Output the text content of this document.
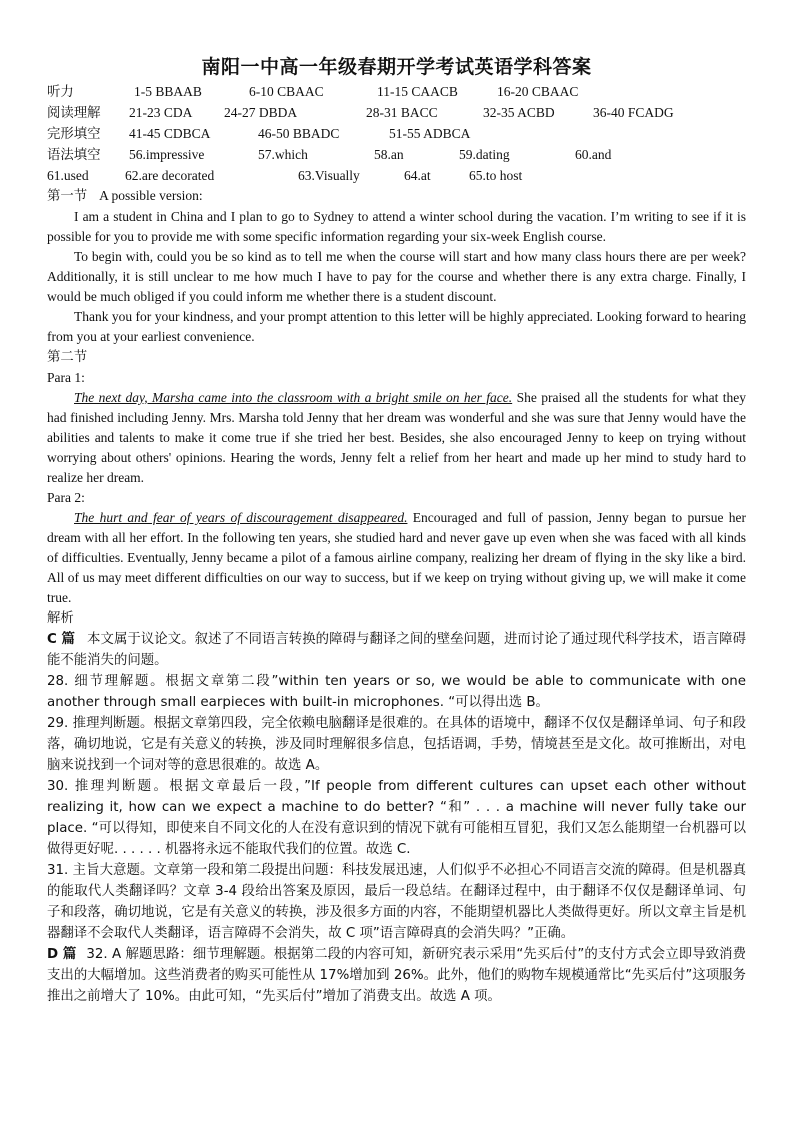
南阳一中高一年级春期开学考试英语学科答案
听力	1-5 BBAAB	6-10 CBAAC	11-15 CAACB	16-20 CBAAC
阅读理解	21-23 CDA	24-27 DBDA	28-31 BACC	32-35 ACBD	36-40 FCADG
完形填空	41-45 CDBCA	46-50 BBADC	51-55 ADBCA
语法填空	56.impressive	57.which	58.an	59.dating	60.and
61.used	62.are decorated	63.Visually	64.at	65.to host
第一节 A possible version:

I am a student in China and I plan to go to Sydney to attend a winter school during the vacation. I’m writing to see if it is possible for you to provide me with some specific information regarding your six-week English course.

To begin with, could you be so kind as to tell me when the course will start and how many class hours there are per week? Additionally, it is still unclear to me how much I have to pay for the course and whether there is any extra charge. Finally, I would be much obliged if you could inform me whether there is a student discount.

Thank you for your kindness, and your prompt attention to this letter will be highly appreciated. Looking forward to hearing from you at your earliest convenience.

第二节
Para 1:

The next day, Marsha came into the classroom with a bright smile on her face. She praised all the students for what they had finished including Jenny. Mrs. Marsha told Jenny that her dream was wonderful and she was sure that Jenny would have the abilities and talents to make it come true if she tried her best. Besides, she also encouraged Jenny to keep on trying without worrying about others' opinions. Hearing the words, Jenny felt a relief from her heart and made up her mind to study hard to realize her dream.

Para 2:

The hurt and fear of years of discouragement disappeared. Encouraged and full of passion, Jenny began to pursue her dream with all her effort. In the following ten years, she studied hard and never gave up even when she was faced with all kinds of difficulties. Eventually, Jenny became a pilot of a famous airline company, realizing her dream of flying in the sky like a bird. All of us may meet different difficulties on our way to success, but if we keep on trying without giving up, we will make it come true.

解析

C 篇 本文属于议论文。叙述了不同语言转换的障碍与翻译之间的壁垒问题，进而讨论了通过现代科学技术，语言障碍能不能消失的问题。

28. 细节理解题。根据文章第二段”within ten years or so, we would be able to communicate with one another through small earpieces with built-in microphones. “可以得出选 B。

29. 推理判断题。根据文章第四段，完全依赖电脑翻译是很难的。在具体的语境中，翻译不仅仅是翻译单词、句子和段落，确切地说，它是有关意义的转换，涉及同时理解很多信息，包括语调，手势，情境甚至是文化。故可推断出，对电脑来说找到一个词对等的意思很难的。故选 A。

30. 推理判断题。根据文章最后一段，”If people from different cultures can upset each other without realizing it, how can we expect a machine to do better? “和” . . . a machine will never fully take our place. “可以得知，即使来自不同文化的人在没有意识到的情况下就有可能相互冒犯，我们又怎么能期望一台机器可以做得更好呢. . . . . . 机器将永远不能取代我们的位置。故选 C.

31. 主旨大意题。文章第一段和第二段提出问题：科技发展迅速，人们似乎不必担心不同语言交流的障碍。但是机器真的能取代人类翻译吗？文章 3-4 段给出答案及原因，最后一段总结。在翻译过程中，由于翻译不仅仅是翻译单词、句子和段落，确切地说，它是有关意义的转换，涉及很多方面的内容，不能期望机器比人类做得更好。所以文章主旨是机器翻译不会取代人类翻译，语言障碍不会消失，故 C 项”语言障碍真的会消失吗？”正确。

D 篇 32. A 解题思路：细节理解题。根据第二段的内容可知，新研究表示采用“先买后付”的支付方式会立即导致消费支出的大幅增加。这些消费者的购买可能性从 17%增加到 26%。此外，他们的购物车规模通常比“先买后付”这项服务推出之前增大了 10%。由此可知，“先买后付”增加了消费支出。故选 A 项。
